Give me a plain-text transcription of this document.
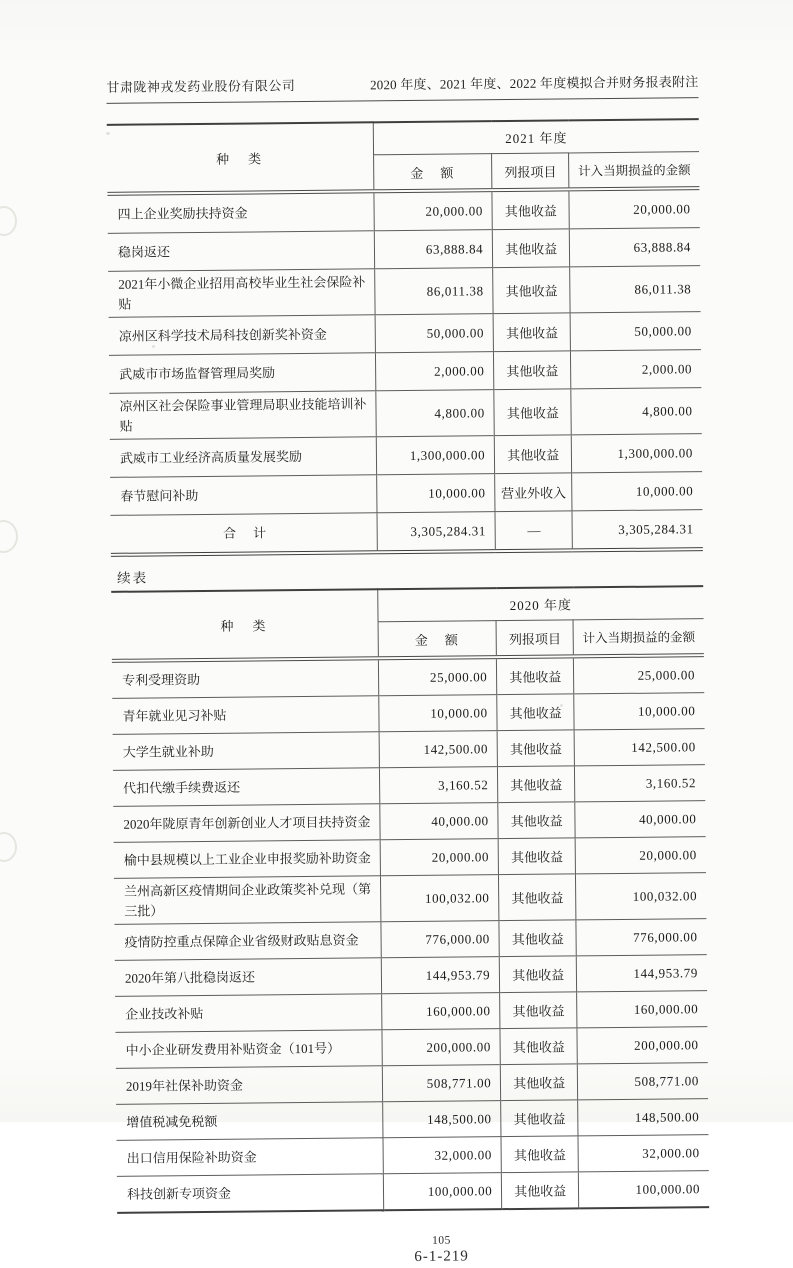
甘肃陇神戎发药业股份有限公司	2020 年度、2021 年度、2022 年度模拟合并财务报表附注
种　类	2021 年度		
	金　额	列报项目	计入当期损益的金额
四上企业奖励扶持资金	20,000.00	其他收益	20,000.00
稳岗返还	63,888.84	其他收益	63,888.84
2021年小微企业招用高校毕业生社会保险补贴	86,011.38	其他收益	86,011.38
凉州区科学技术局科技创新奖补资金	50,000.00	其他收益	50,000.00
武威市市场监督管理局奖励	2,000.00	其他收益	2,000.00
凉州区社会保险事业管理局职业技能培训补贴	4,800.00	其他收益	4,800.00
武威市工业经济高质量发展奖励	1,300,000.00	其他收益	1,300,000.00
春节慰问补助	10,000.00	营业外收入	10,000.00
合　计	3,305,284.31	—	3,305,284.31
续表
种　类	2020 年度		
	金　额	列报项目	计入当期损益的金额
专利受理资助	25,000.00	其他收益	25,000.00
青年就业见习补贴	10,000.00	其他收益	10,000.00
大学生就业补助	142,500.00	其他收益	142,500.00
代扣代缴手续费返还	3,160.52	其他收益	3,160.52
2020年陇原青年创新创业人才项目扶持资金	40,000.00	其他收益	40,000.00
榆中县规模以上工业企业申报奖励补助资金	20,000.00	其他收益	20,000.00
兰州高新区疫情期间企业政策奖补兑现（第三批）	100,032.00	其他收益	100,032.00
疫情防控重点保障企业省级财政贴息资金	776,000.00	其他收益	776,000.00
2020年第八批稳岗返还	144,953.79	其他收益	144,953.79
企业技改补贴	160,000.00	其他收益	160,000.00
中小企业研发费用补贴资金（101号）	200,000.00	其他收益	200,000.00
2019年社保补助资金	508,771.00	其他收益	508,771.00
增值税减免税额	148,500.00	其他收益	148,500.00
出口信用保险补助资金	32,000.00	其他收益	32,000.00
科技创新专项资金	100,000.00	其他收益	100,000.00
105
6-1-219
